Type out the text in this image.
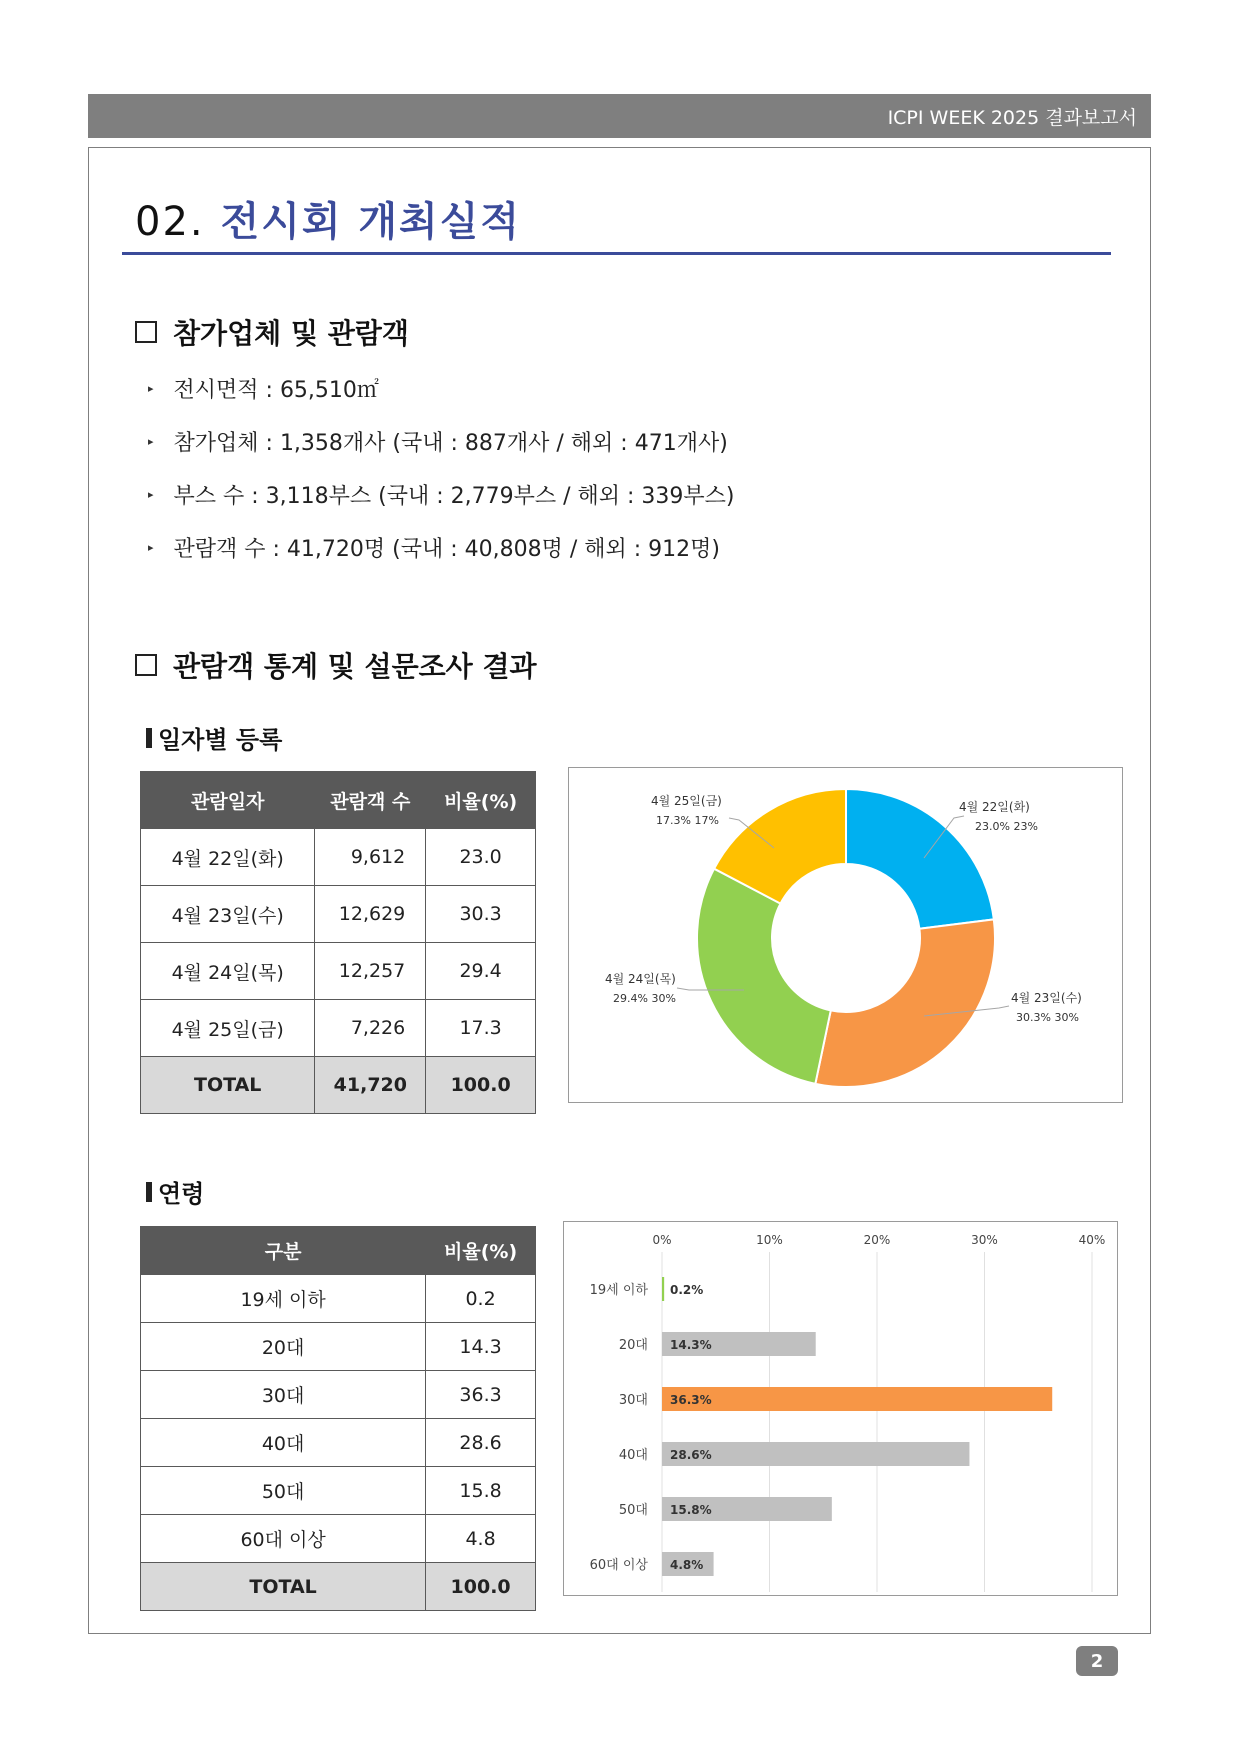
ICPI WEEK 2025 결과보고서
02. 전시회 개최실적
참가업체 및 관람객
▸ 전시면적 : 65,510㎡
▸ 참가업체 : 1,358개사 (국내 : 887개사 / 해외 : 471개사)
▸ 부스 수 : 3,118부스 (국내 : 2,779부스 / 해외 : 339부스)
▸ 관람객 수 : 41,720명 (국내 : 40,808명 / 해외 : 912명)
관람객 통계 및 설문조사 결과
일자별 등록
관람일자	관람객 수	비율(%)
4월 22일(화)	9,612	23.0
4월 23일(수)	12,629	30.3
4월 24일(목)	12,257	29.4
4월 25일(금)	7,226	17.3
TOTAL	41,720	100.0
4월 22일(화)
23.0% 23%
4월 23일(수)
30.3% 30%
4월 24일(목)
29.4% 30%
4월 25일(금)
17.3% 17%
연령
구분	비율(%)
19세 이하	0.2
20대	14.3
30대	36.3
40대	28.6
50대	15.8
60대 이상	4.8
TOTAL	100.0
0%	10%	20%	30%	40%
19세 이하
20대
30대
40대
50대
60대 이상
0.2%
14.3%
36.3%
28.6%
15.8%
4.8%
2
